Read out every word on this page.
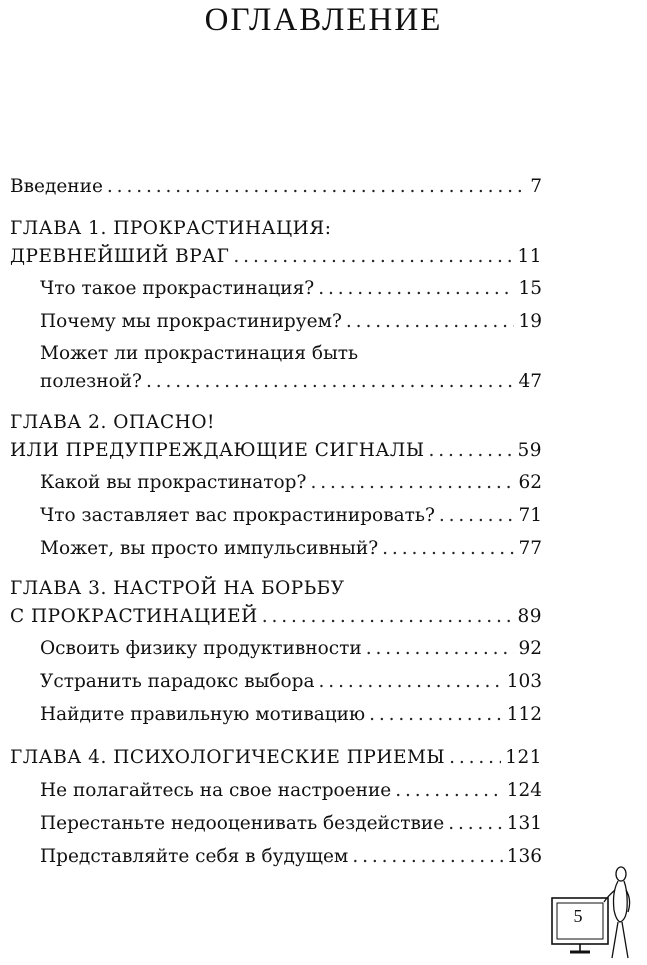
ОГЛАВЛЕНИЕ
Введение . . .	7
ГЛАВА 1. ПРОКРАСТИНАЦИЯ:
ДРЕВНЕЙШИЙ ВРАГ . . .	11
Что такое прокрастинация? . . .	15
Почему мы прокрастинируем? . . .	19
Может ли прокрастинация быть
полезной? . . .	47
ГЛАВА 2. ОПАСНО!
ИЛИ ПРЕДУПРЕЖДАЮЩИЕ СИГНАЛЫ . . .	59
Какой вы прокрастинатор? . . .	62
Что заставляет вас прокрастинировать? . . .	71
Может, вы просто импульсивный? . . .	77
ГЛАВА 3. НАСТРОЙ НА БОРЬБУ
С ПРОКРАСТИНАЦИЕЙ . . .	89
Освоить физику продуктивности . . .	92
Устранить парадокс выбора . . .	103
Найдите правильную мотивацию . . .	112
ГЛАВА 4. ПСИХОЛОГИЧЕСКИЕ ПРИЕМЫ . . .	121
Не полагайтесь на свое настроение . . .	124
Перестаньте недооценивать бездействие . . .	131
Представляйте себя в будущем . . .	136
5
